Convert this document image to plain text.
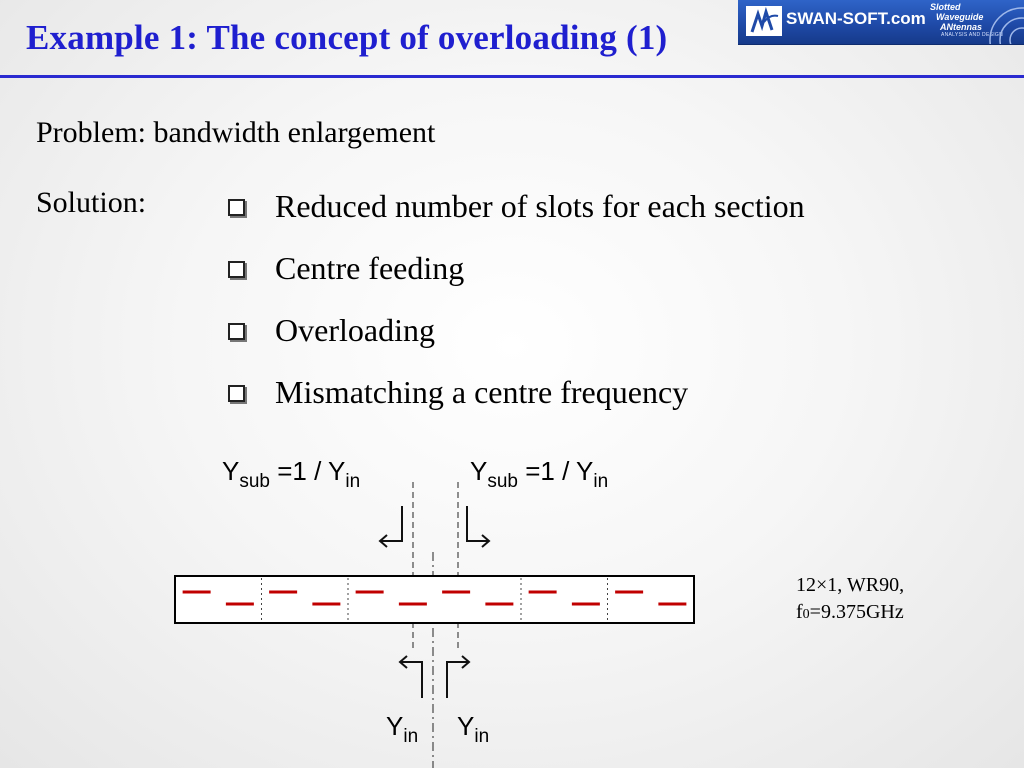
Example 1: The concept of overloading (1)	SWAN-SOFT.com
Slotted
Waveguide
ANtennas
ANALYSIS AND DESIGN
Problem: bandwidth enlargement
Solution:	Reduced number of slots for each section
Centre feeding
Overloading
Mismatching a centre frequency
$Y_{sub} =1 / Y_{in}$	$Y_{sub} =1 / Y_{in}$
$Y_{in}$ $Y_{in}$
12×1, WR90,
f0=9.375GHz
